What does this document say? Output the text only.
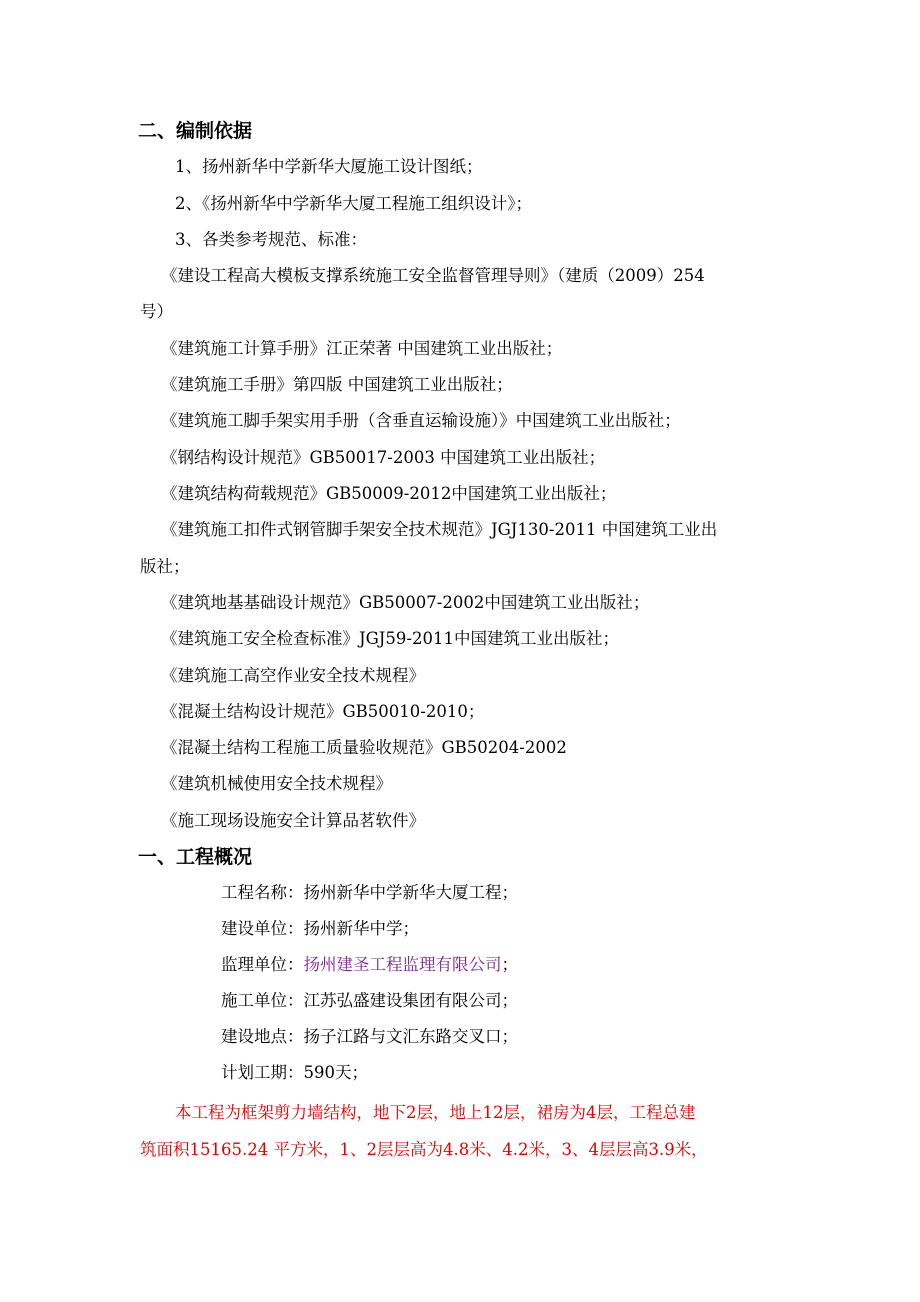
二、编制依据
1、扬州新华中学新华大厦施工设计图纸；
2、《扬州新华中学新华大厦工程施工组织设计》；
3、各类参考规范、标准：
《建设工程高大模板支撑系统施工安全监督管理导则》（建质（2009）254
号）
《建筑施工计算手册》江正荣著 中国建筑工业出版社；
《建筑施工手册》第四版 中国建筑工业出版社；
《建筑施工脚手架实用手册（含垂直运输设施）》中国建筑工业出版社；
《钢结构设计规范》GB50017-2003 中国建筑工业出版社；
《建筑结构荷载规范》GB50009-2012中国建筑工业出版社；
《建筑施工扣件式钢管脚手架安全技术规范》JGJ130-2011 中国建筑工业出
版社；
《建筑地基基础设计规范》GB50007-2002中国建筑工业出版社；
《建筑施工安全检查标准》JGJ59-2011中国建筑工业出版社；
《建筑施工高空作业安全技术规程》
《混凝土结构设计规范》GB50010-2010；
《混凝土结构工程施工质量验收规范》GB50204-2002
《建筑机械使用安全技术规程》
《施工现场设施安全计算品茗软件》
一、工程概况
工程名称：扬州新华中学新华大厦工程；
建设单位：扬州新华中学；
监理单位：扬州建圣工程监理有限公司；
施工单位：江苏弘盛建设集团有限公司；
建设地点：扬子江路与文汇东路交叉口；
计划工期：590天；
本工程为框架剪力墙结构，地下2层，地上12层，裙房为4层，工程总建
筑面积15165.24 平方米，1、2层层高为4.8米、4.2米，3、4层层高3.9米，
